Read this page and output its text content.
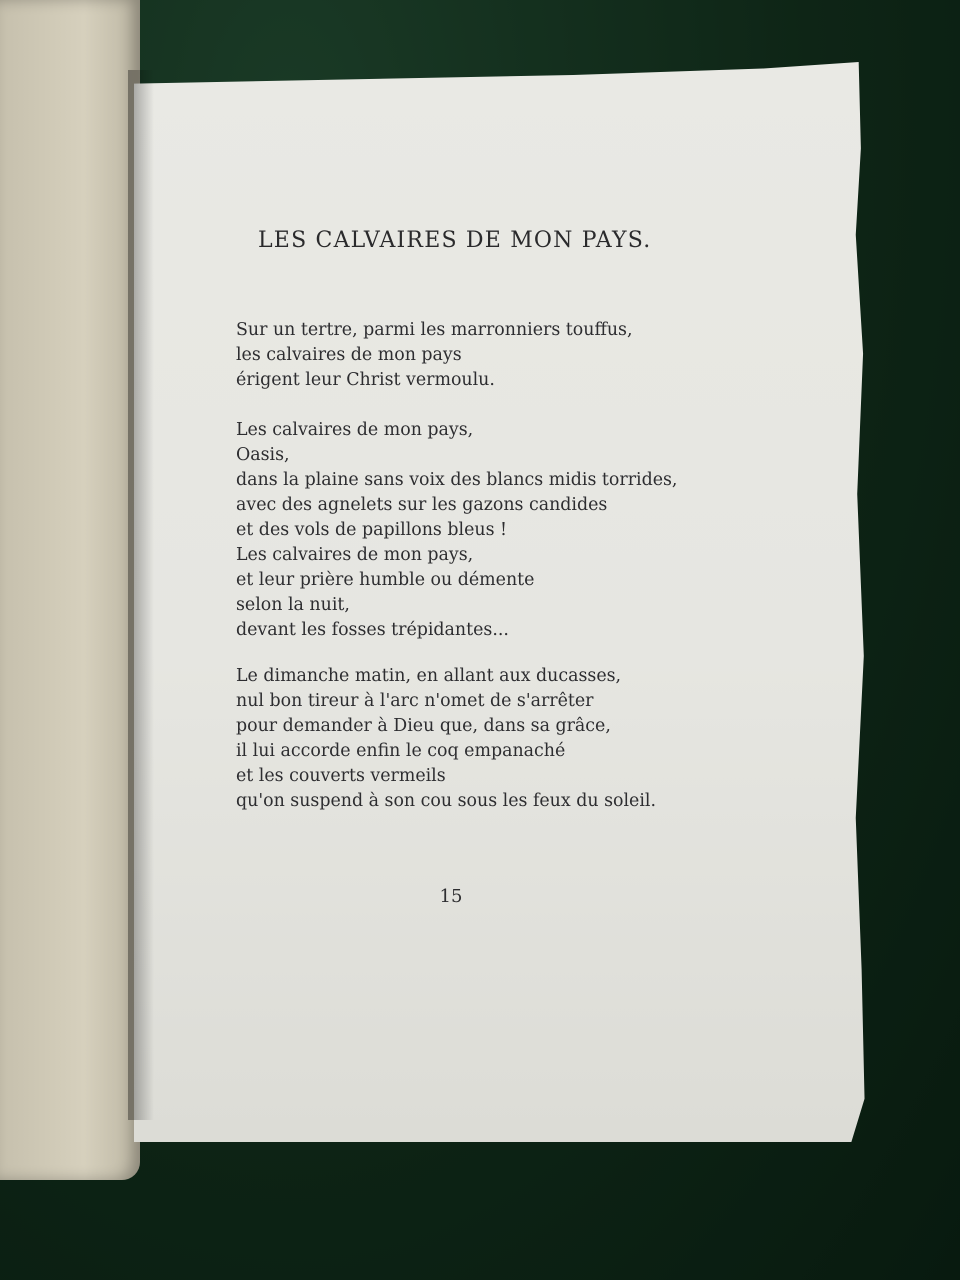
LES CALVAIRES DE MON PAYS.
Sur un tertre, parmi les marronniers touffus,
les calvaires de mon pays
érigent leur Christ vermoulu.
Les calvaires de mon pays,
Oasis,
dans la plaine sans voix des blancs midis torrides,
avec des agnelets sur les gazons candides
et des vols de papillons bleus !
Les calvaires de mon pays,
et leur prière humble ou démente
selon la nuit,
devant les fosses trépidantes...
Le dimanche matin, en allant aux ducasses,
nul bon tireur à l'arc n'omet de s'arrêter
pour demander à Dieu que, dans sa grâce,
il lui accorde enfin le coq empanaché
et les couverts vermeils
qu'on suspend à son cou sous les feux du soleil.
15
